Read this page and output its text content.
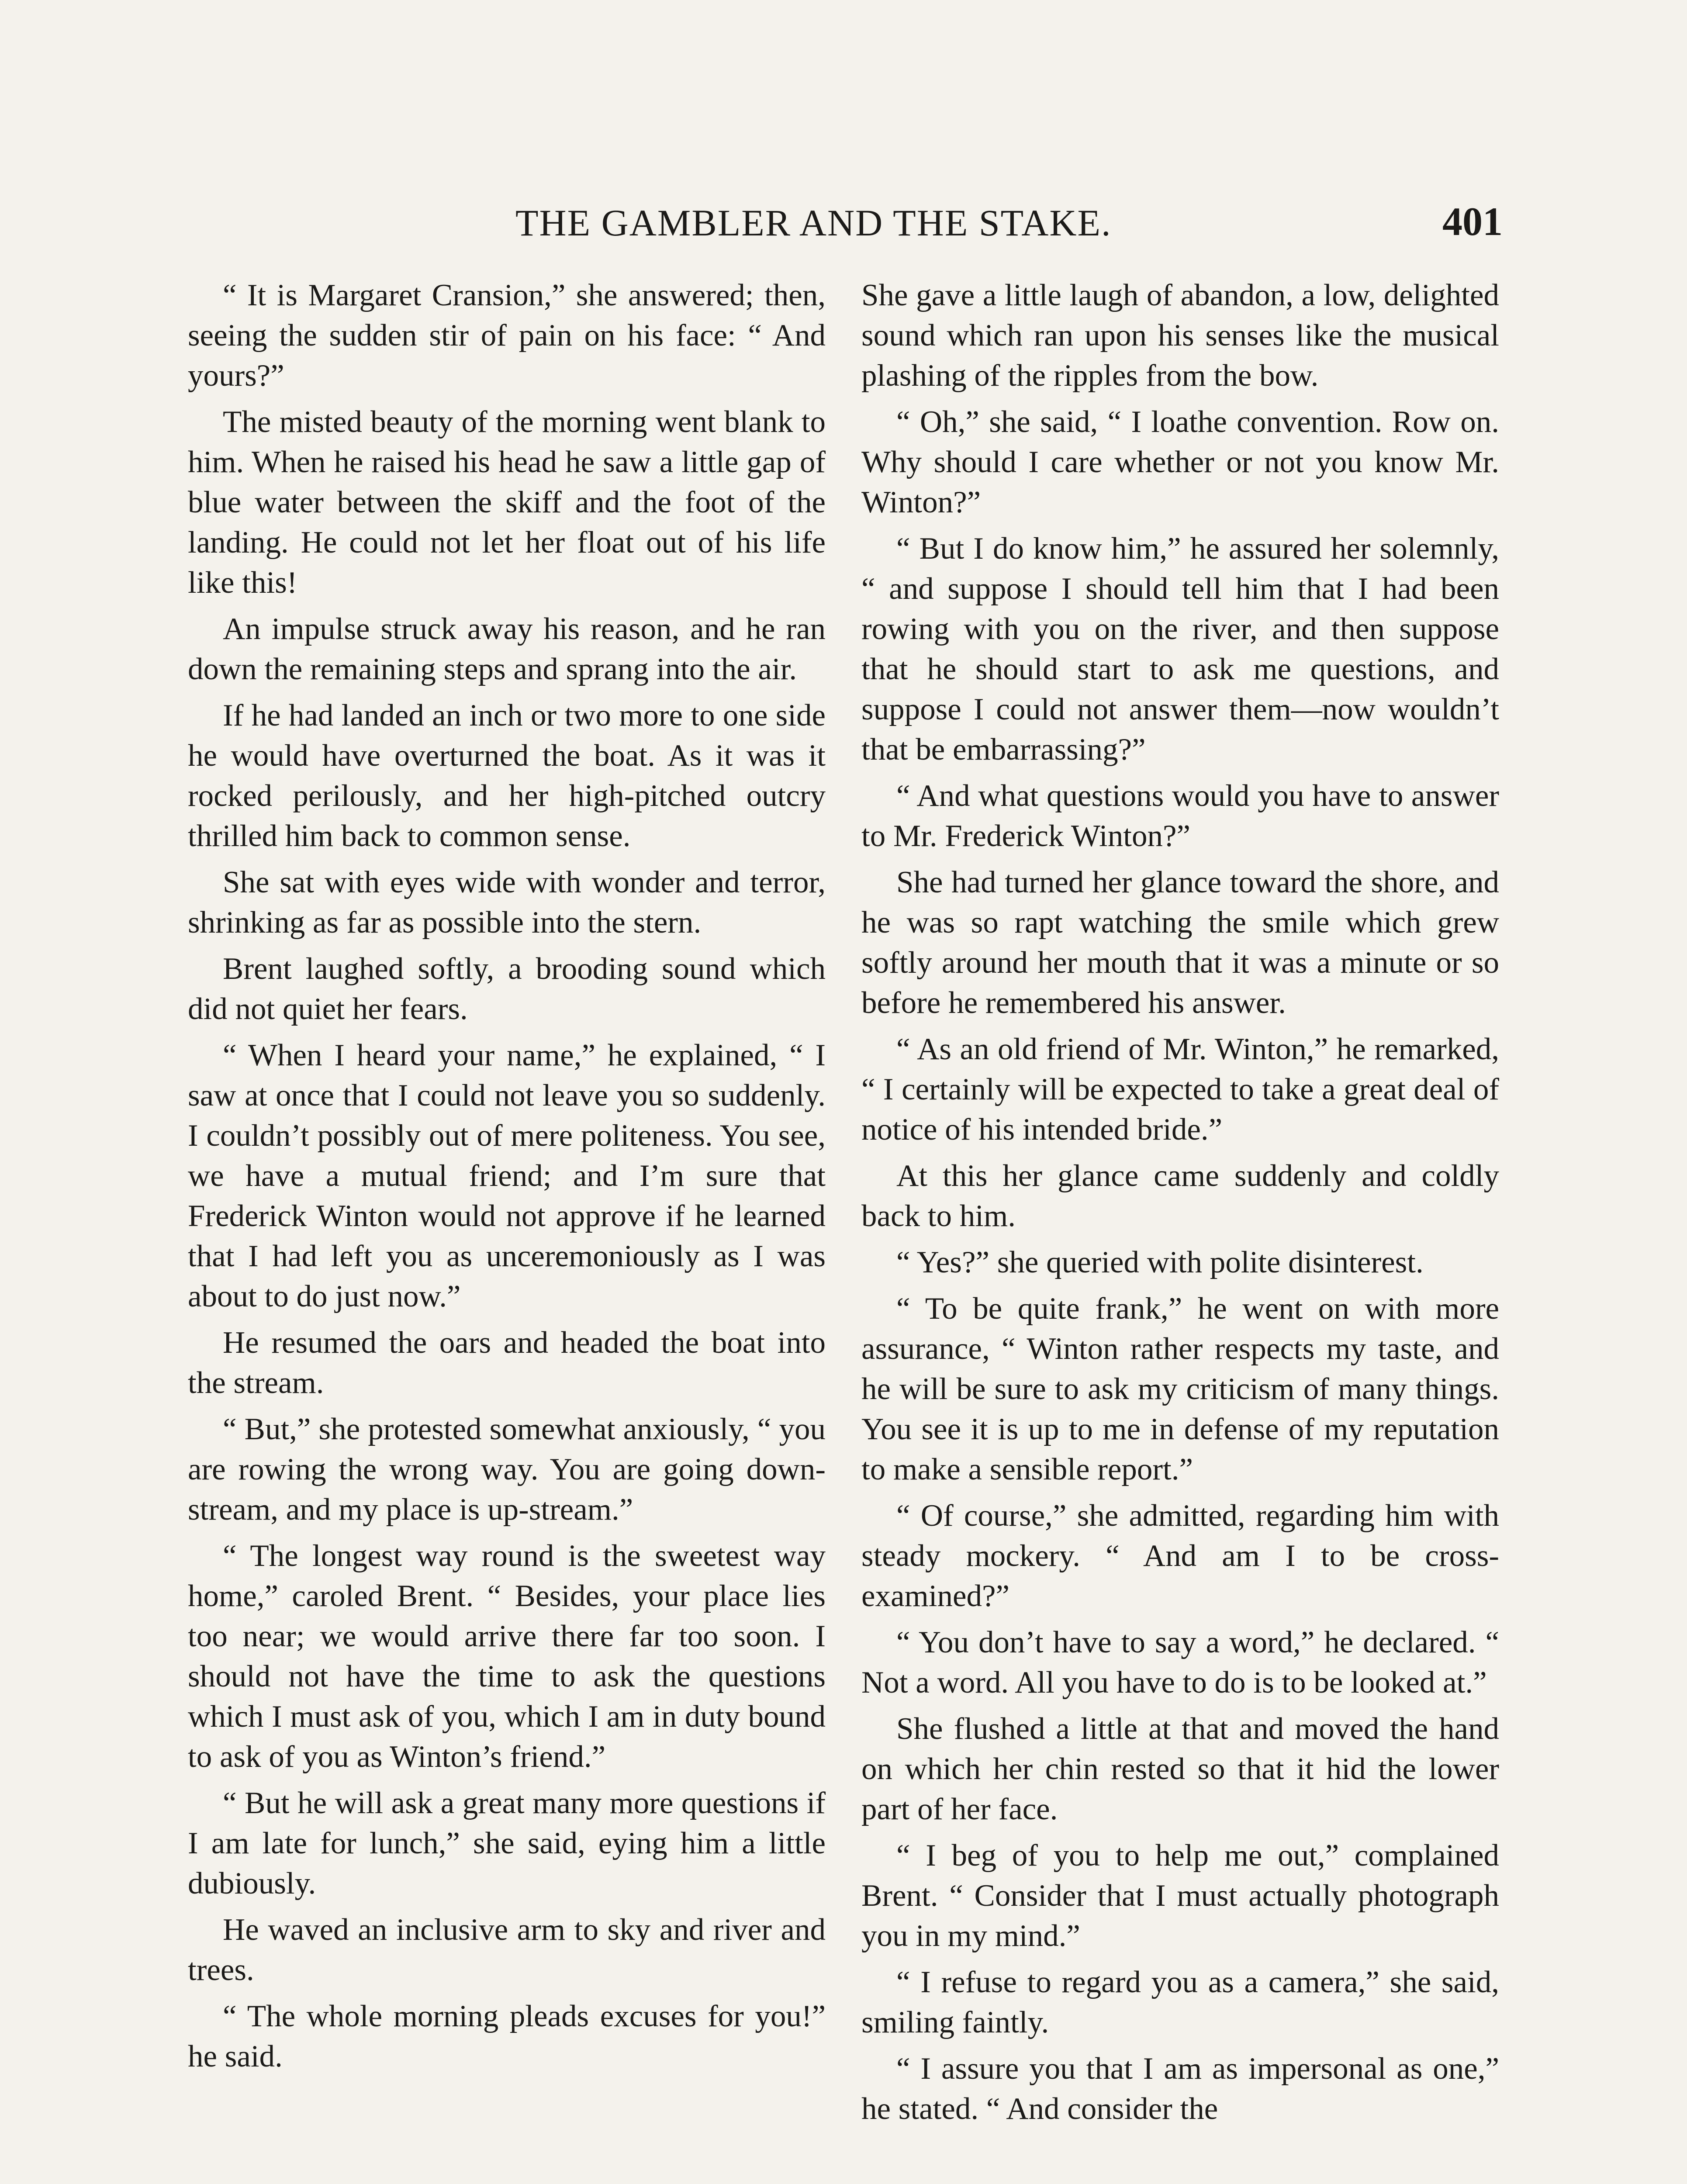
THE GAMBLER AND THE STAKE.	401

“ It is Margaret Cransion,” she answered; then, seeing the sudden stir of pain on his face: “ And yours?”

The misted beauty of the morning went blank to him. When he raised his head he saw a little gap of blue water between the skiff and the foot of the landing. He could not let her float out of his life like this!

An impulse struck away his reason, and he ran down the remaining steps and sprang into the air.

If he had landed an inch or two more to one side he would have overturned the boat. As it was it rocked perilously, and her high-pitched outcry thrilled him back to common sense.

She sat with eyes wide with wonder and terror, shrinking as far as possible into the stern.

Brent laughed softly, a brooding sound which did not quiet her fears.

“ When I heard your name,” he explained, “ I saw at once that I could not leave you so suddenly. I couldn’t possibly out of mere politeness. You see, we have a mutual friend; and I’m sure that Frederick Winton would not approve if he learned that I had left you as unceremoniously as I was about to do just now.”

He resumed the oars and headed the boat into the stream.

“ But,” she protested somewhat anxiously, “ you are rowing the wrong way. You are going down-stream, and my place is up-stream.”

“ The longest way round is the sweetest way home,” caroled Brent. “ Besides, your place lies too near; we would arrive there far too soon. I should not have the time to ask the questions which I must ask of you, which I am in duty bound to ask of you as Winton’s friend.”

“ But he will ask a great many more questions if I am late for lunch,” she said, eying him a little dubiously.

He waved an inclusive arm to sky and river and trees.

“ The whole morning pleads excuses for you!” he said.

She gave a little laugh of abandon, a low, delighted sound which ran upon his senses like the musical plashing of the ripples from the bow.

“ Oh,” she said, “ I loathe convention. Row on. Why should I care whether or not you know Mr. Winton?”

“ But I do know him,” he assured her solemnly, “ and suppose I should tell him that I had been rowing with you on the river, and then suppose that he should start to ask me questions, and suppose I could not answer them—now wouldn’t that be embarrassing?”

“ And what questions would you have to answer to Mr. Frederick Winton?”

She had turned her glance toward the shore, and he was so rapt watching the smile which grew softly around her mouth that it was a minute or so before he remembered his answer.

“ As an old friend of Mr. Winton,” he remarked, “ I certainly will be expected to take a great deal of notice of his intended bride.”

At this her glance came suddenly and coldly back to him.

“ Yes?” she queried with polite disinterest.

“ To be quite frank,” he went on with more assurance, “ Winton rather respects my taste, and he will be sure to ask my criticism of many things. You see it is up to me in defense of my reputation to make a sensible report.”

“ Of course,” she admitted, regarding him with steady mockery. “ And am I to be cross-examined?”

“ You don’t have to say a word,” he declared. “ Not a word. All you have to do is to be looked at.”

She flushed a little at that and moved the hand on which her chin rested so that it hid the lower part of her face.

“ I beg of you to help me out,” complained Brent. “ Consider that I must actually photograph you in my mind.”

“ I refuse to regard you as a camera,” she said, smiling faintly.

“ I assure you that I am as impersonal as one,” he stated. “ And consider the
